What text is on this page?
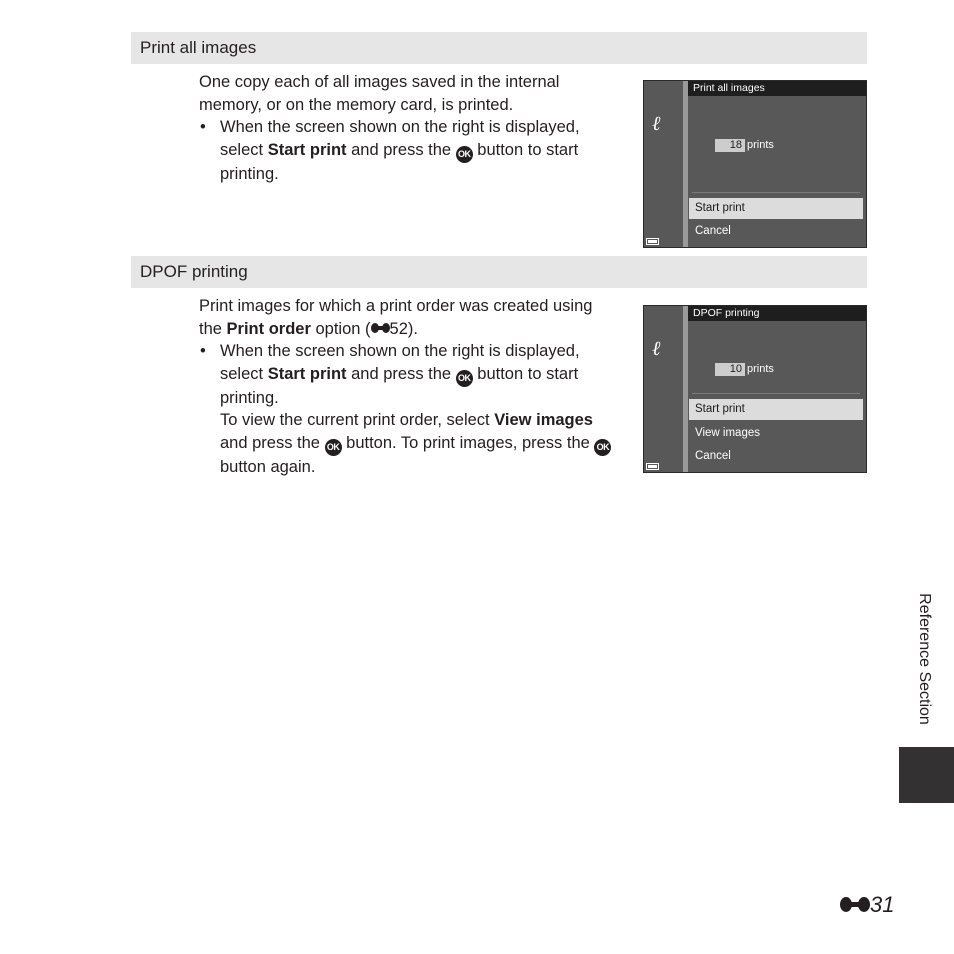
Print all images

One copy each of all images saved in the internal memory, or on the memory card, is printed.

• When the screen shown on the right is displayed, select Start print and press the OK button to start printing.

ℓ
Print all images
18 prints
Start print
Cancel
DPOF printing

Print images for which a print order was created using the Print order option ( 52).

• When the screen shown on the right is displayed, select Start print and press the OK button to start printing.

To view the current print order, select View images and press the OK button. To print images, press the OK button again.

ℓ
DPOF printing
10 prints
Start print
View images
Cancel
Reference Section
31
